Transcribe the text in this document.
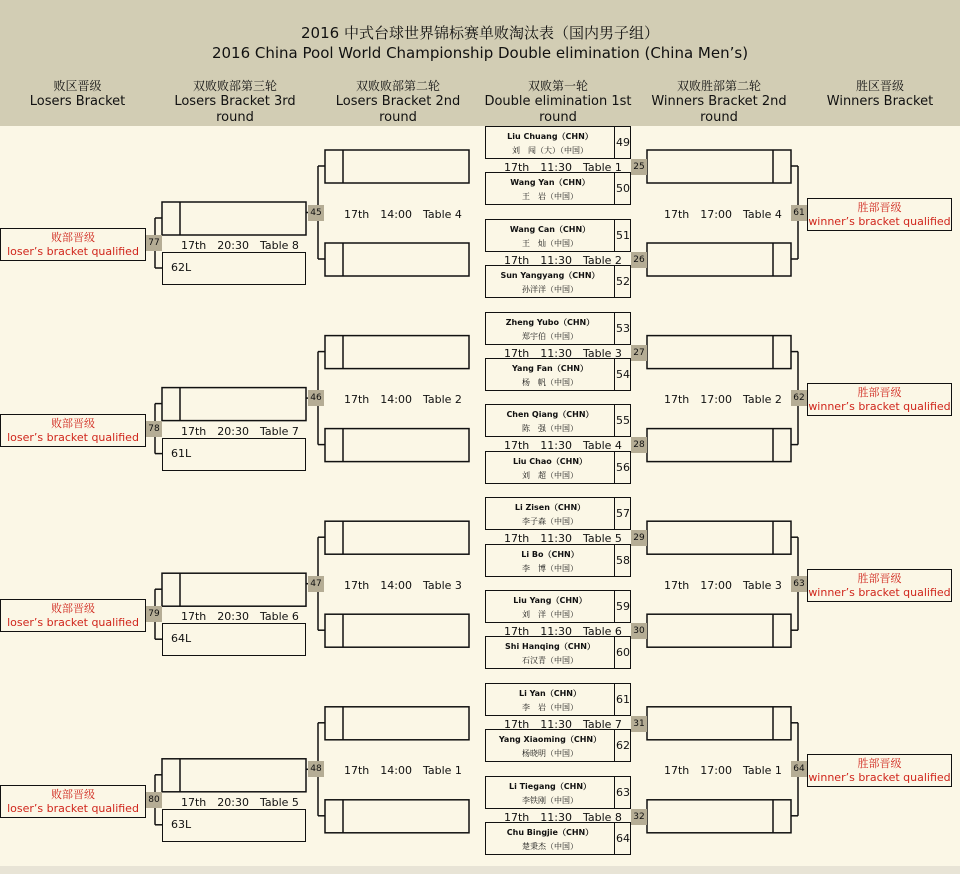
2016 中式台球世界锦标赛单败淘汰表（国内男子组）
2016 China Pool World Championship Double elimination (China Men’s)
败区晋级
Losers Bracket
双败败部第三轮
Losers Bracket 3rd
round
双败败部第二轮
Losers Bracket 2nd
round
双败第一轮
Double elimination 1st
round
双败胜部第二轮
Winners Bracket 2nd
round
胜区晋级
Winners Bracket
Liu Chuang（CHN）
刘　闯（大）（中国）
49
Wang Yan（CHN）
王　岩（中国）
50
Wang Can（CHN）
王　灿（中国）
51
Sun Yangyang（CHN）
孙洋洋（中国）
52
Zheng Yubo（CHN）
郑宇伯（中国）
53
Yang Fan（CHN）
杨　帆（中国）
54
Chen Qiang（CHN）
陈　强（中国）
55
Liu Chao（CHN）
刘　超（中国）
56
Li Zisen（CHN）
李子森（中国）
57
Li Bo（CHN）
李　博（中国）
58
Liu Yang（CHN）
刘　洋（中国）
59
Shi Hanqing（CHN）
石汉青（中国）
60
Li Yan（CHN）
李　岩（中国）
61
Yang Xiaoming（CHN）
杨晓明（中国）
62
Li Tiegang（CHN）
李铁刚（中国）
63
Chu Bingjie（CHN）
楚秉杰（中国）
64
17th　11:30　Table 1 25
17th　11:30　Table 2 26
17th　11:30　Table 3 27
17th　11:30　Table 4 28
17th　11:30　Table 5 29
17th　11:30　Table 6 30
17th　11:30　Table 7 31
17th　11:30　Table 8 32
45 17th　14:00　Table 4
46 17th　14:00　Table 2
47 17th　14:00　Table 3
48 17th　14:00　Table 1
17th　20:30　Table 8
62L
77
败部晋级
loser’s bracket qualified
17th　20:30　Table 7
61L
78
败部晋级
loser’s bracket qualified
17th　20:30　Table 6
64L
79
败部晋级
loser’s bracket qualified
17th　20:30　Table 5
63L
80
败部晋级
loser’s bracket qualified
61
17th　17:00　Table 4
胜部晋级
winner’s bracket qualified
62
17th　17:00　Table 2
胜部晋级
winner’s bracket qualified
63
17th　17:00　Table 3
胜部晋级
winner’s bracket qualified
64
17th　17:00　Table 1
胜部晋级
winner’s bracket qualified
